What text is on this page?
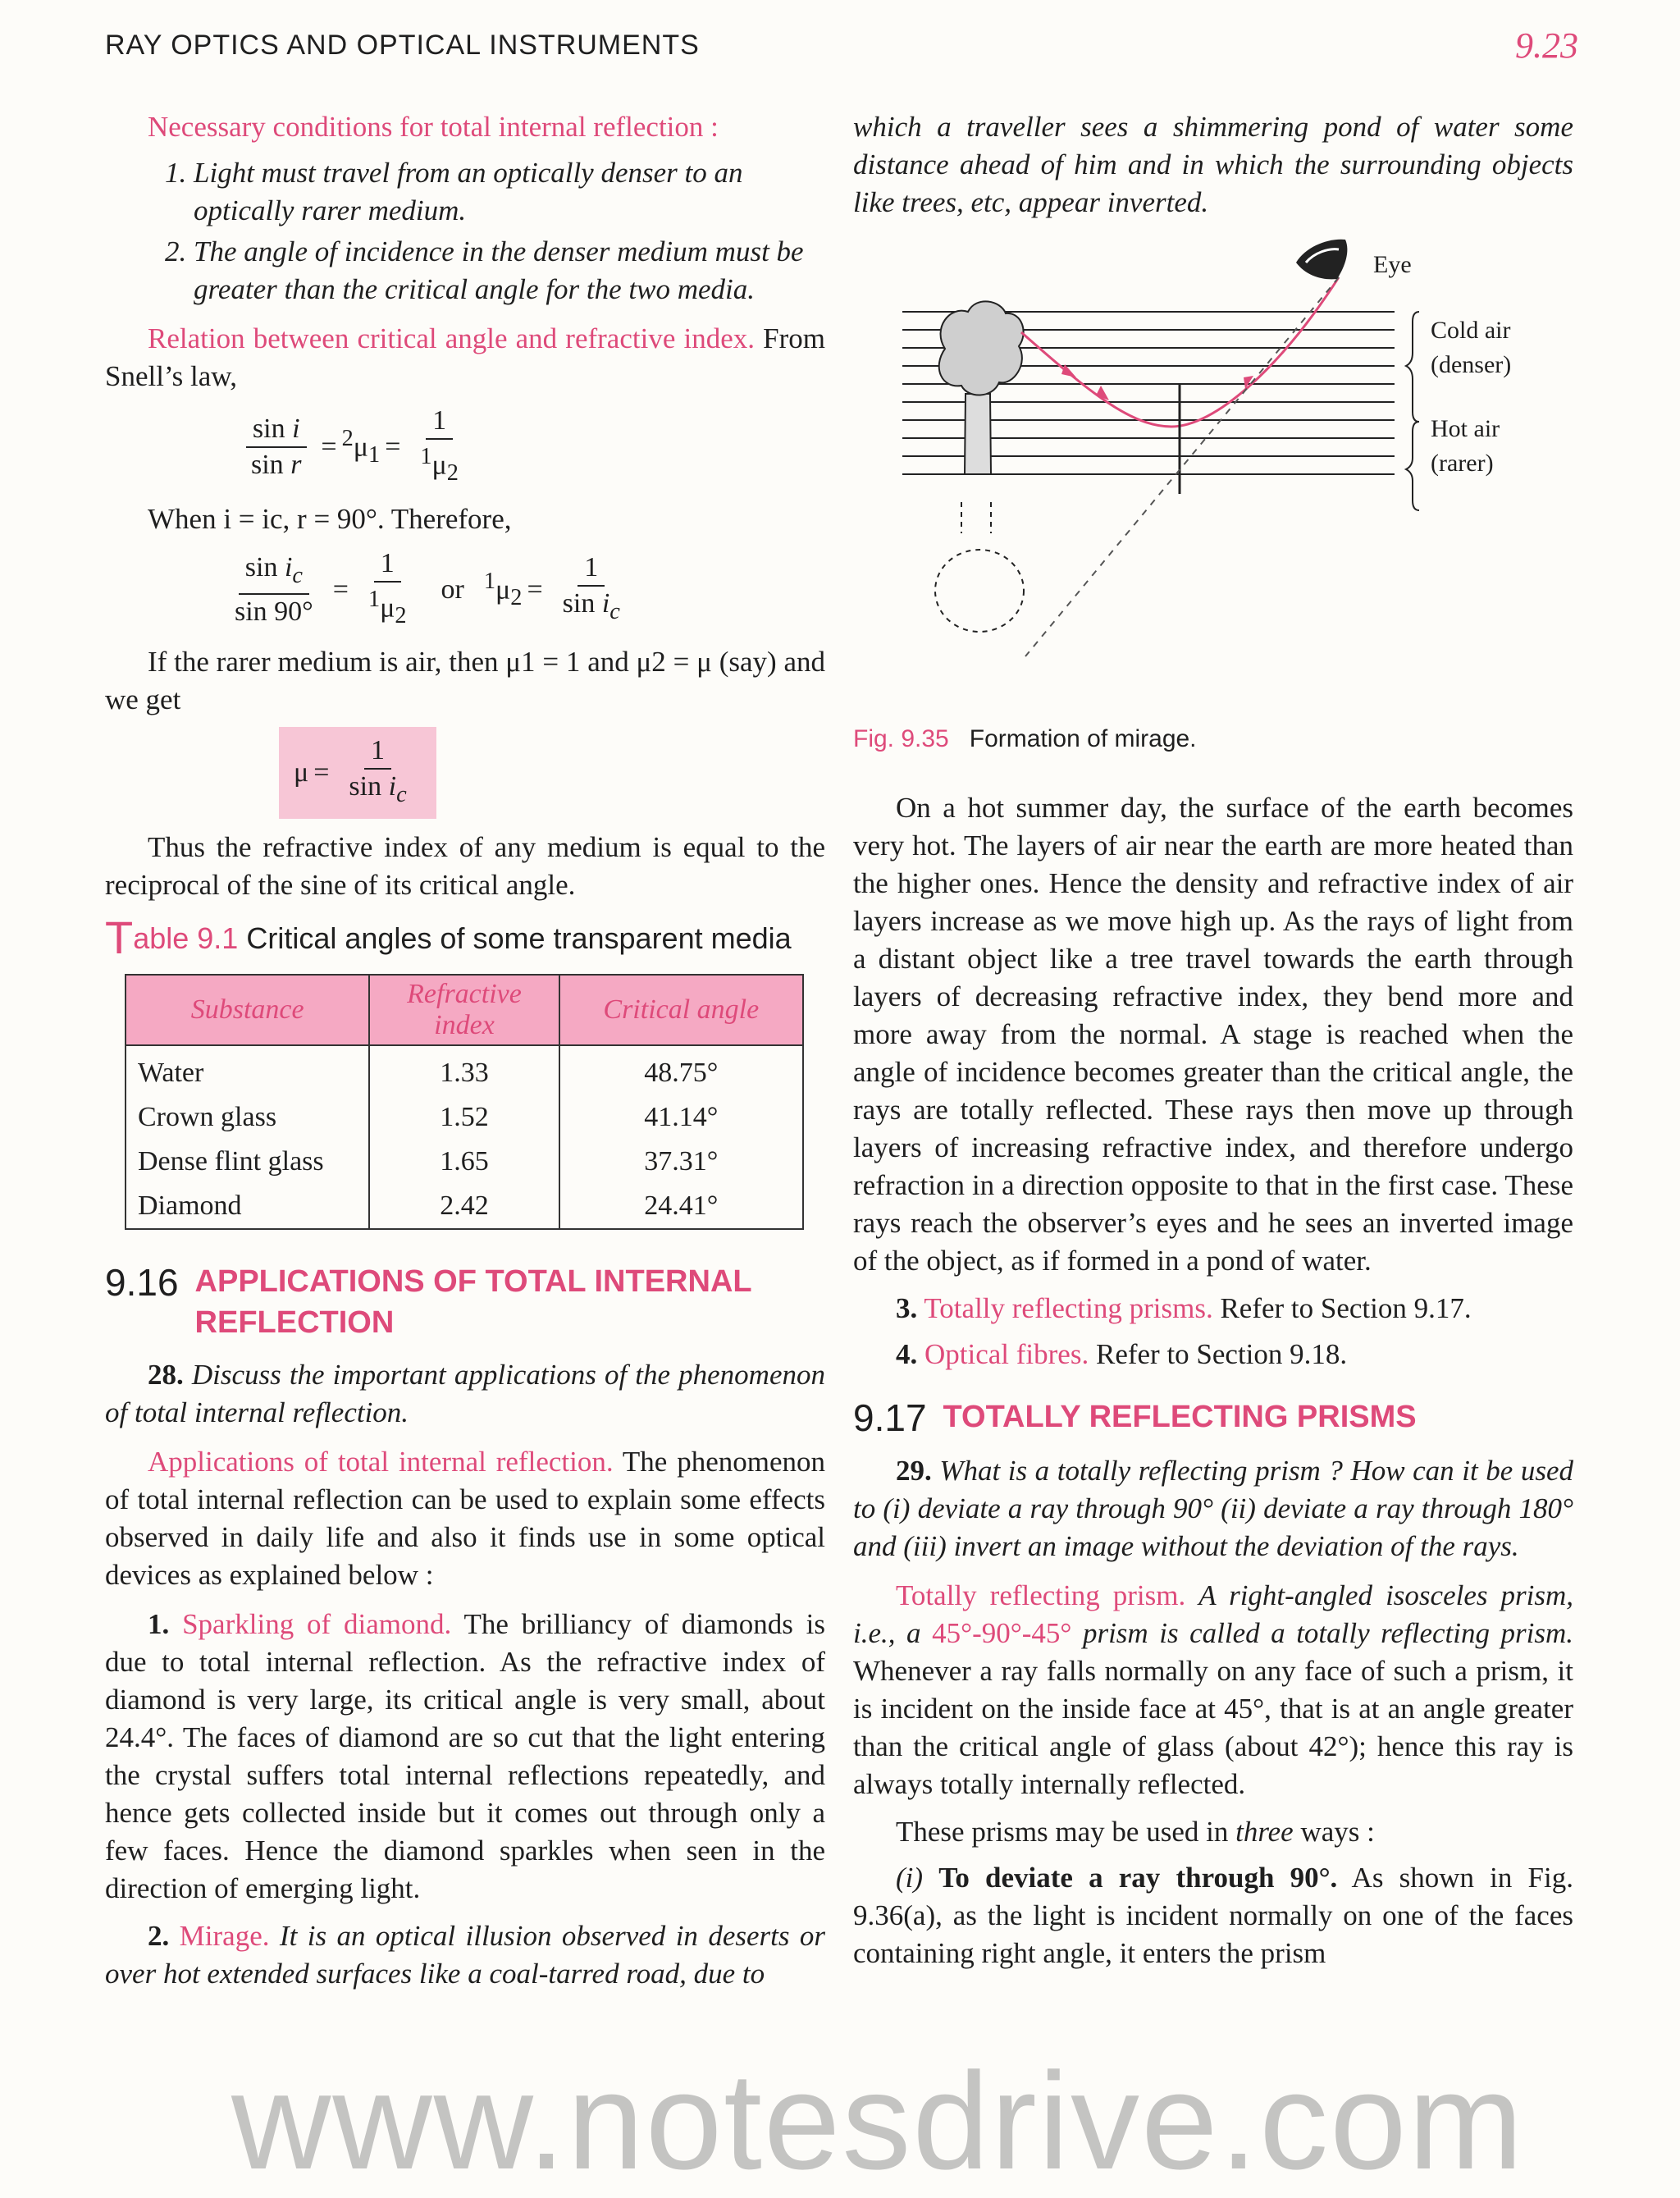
RAY OPTICS AND OPTICAL INSTRUMENTS	9.23

Necessary conditions for total internal reflection :

1. Light must travel from an optically denser to an optically rarer medium.
2. The angle of incidence in the denser medium must be greater than the critical angle for the two media.

Relation between critical angle and refractive index. From Snell’s law,

$\frac{\text{sin i}}{\text{sin r}} = ^2\mu_1 = \frac{1}{^1\mu_2}$

When i = ic, r = 90°. Therefore,

$\frac{\sin i_c}{\sin 90^\circ} = \frac{1}{^1\mu_2}$ or $^1\mu_2 = \frac{1}{\sin i_c}$

If the rarer medium is air, then μ1 = 1 and μ2 = μ (say) and we get

$\mu = \frac{1}{\sin i_c}$

Thus the refractive index of any medium is equal to the reciprocal of the sine of its critical angle.

Table 9.1 Critical angles of some transparent media
Substance	Refractive index	Critical angle
Water	1.33	48.75°
Crown glass	1.52	41.14°
Dense flint glass	1.65	37.31°
Diamond	2.42	24.41°
9.16 APPLICATIONS OF TOTAL INTERNAL REFLECTION

28. Discuss the important applications of the phenomenon of total internal reflection.

Applications of total internal reflection. The phenomenon of total internal reflection can be used to explain some effects observed in daily life and also it finds use in some optical devices as explained below :

1. Sparkling of diamond. The brilliancy of diamonds is due to total internal reflection. As the refractive index of diamond is very large, its critical angle is very small, about 24.4°. The faces of diamond are so cut that the light entering the crystal suffers total internal reflections repeatedly, and hence gets collected inside but it comes out through only a few faces. Hence the diamond sparkles when seen in the direction of emerging light.

2. Mirage. It is an optical illusion observed in deserts or over hot extended surfaces like a coal-tarred road, due to

which a traveller sees a shimmering pond of water some distance ahead of him and in which the surrounding objects like trees, etc, appear inverted.

Eye
Cold air
(denser)
Hot air
(rarer)
Fig. 9.35 Formation of mirage.

On a hot summer day, the surface of the earth becomes very hot. The layers of air near the earth are more heated than the higher ones. Hence the density and refractive index of air layers increase as we move high up. As the rays of light from a distant object like a tree travel towards the earth through layers of decreasing refractive index, they bend more and more away from the normal. A stage is reached when the angle of incidence becomes greater than the critical angle, the rays are totally reflected. These rays then move up through layers of increasing refractive index, and therefore undergo refraction in a direction opposite to that in the first case. These rays reach the observer’s eyes and he sees an inverted image of the object, as if formed in a pond of water.

3. Totally reflecting prisms. Refer to Section 9.17.

4. Optical fibres. Refer to Section 9.18.

9.17 TOTALLY REFLECTING PRISMS

29. What is a totally reflecting prism ? How can it be used to (i) deviate a ray through 90° (ii) deviate a ray through 180° and (iii) invert an image without the deviation of the rays.

Totally reflecting prism. A right-angled isosceles prism, i.e., a 45°-90°-45° prism is called a totally reflecting prism. Whenever a ray falls normally on any face of such a prism, it is incident on the inside face at 45°, that is at an angle greater than the critical angle of glass (about 42°); hence this ray is always totally internally reflected.

These prisms may be used in three ways :

(i) To deviate a ray through 90°. As shown in Fig. 9.36(a), as the light is incident normally on one of the faces containing right angle, it enters the prism

www.notesdrive.com
